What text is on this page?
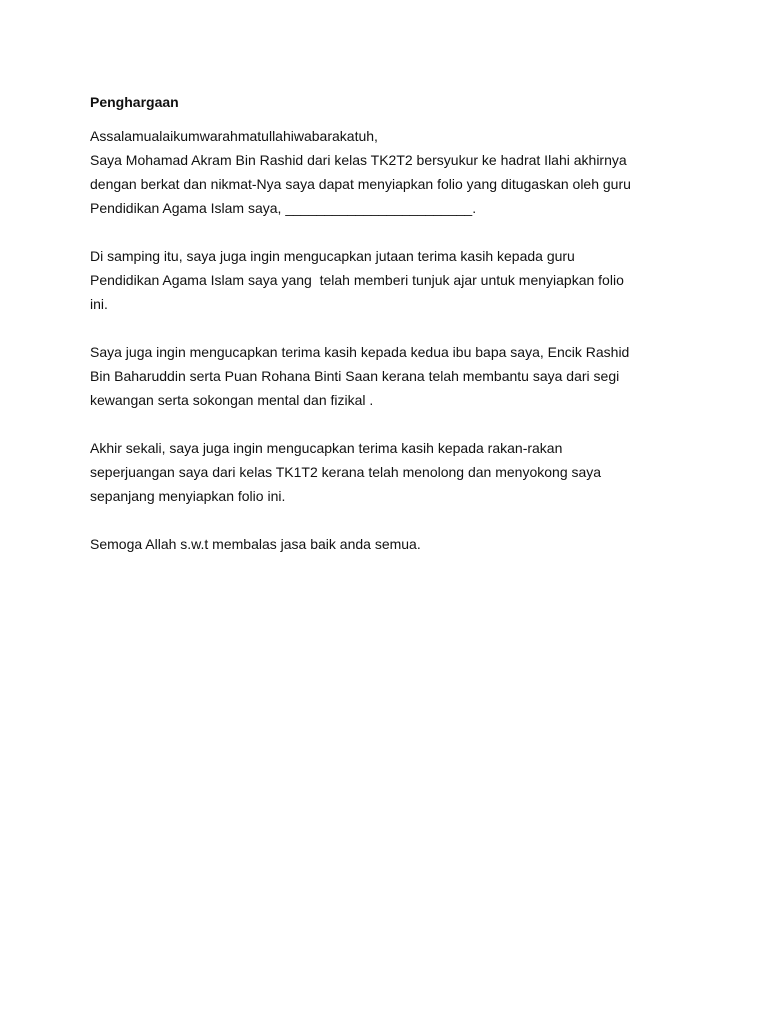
Penghargaan
Assalamualaikumwarahmatullahiwabarakatuh,
Saya Mohamad Akram Bin Rashid dari kelas TK2T2 bersyukur ke hadrat Ilahi akhirnya
dengan berkat dan nikmat-Nya saya dapat menyiapkan folio yang ditugaskan oleh guru
Pendidikan Agama Islam saya, ________________________.
Di samping itu, saya juga ingin mengucapkan jutaan terima kasih kepada guru
Pendidikan Agama Islam saya yang  telah memberi tunjuk ajar untuk menyiapkan folio
ini.
Saya juga ingin mengucapkan terima kasih kepada kedua ibu bapa saya, Encik Rashid
Bin Baharuddin serta Puan Rohana Binti Saan kerana telah membantu saya dari segi
kewangan serta sokongan mental dan fizikal .
Akhir sekali, saya juga ingin mengucapkan terima kasih kepada rakan-rakan
seperjuangan saya dari kelas TK1T2 kerana telah menolong dan menyokong saya
sepanjang menyiapkan folio ini.
Semoga Allah s.w.t membalas jasa baik anda semua.
